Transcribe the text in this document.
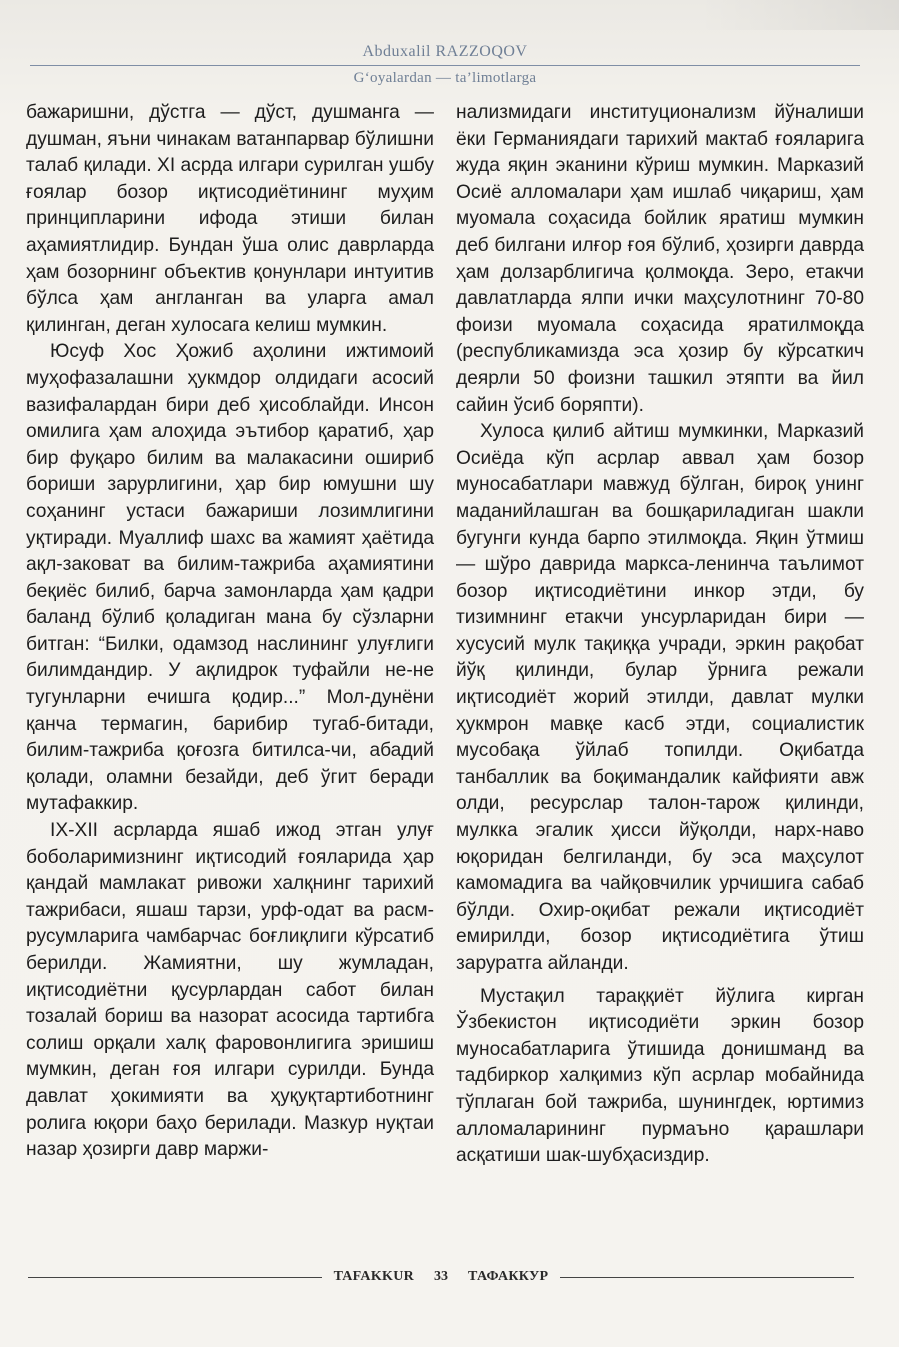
Abduxalil RAZZOQOV
G‘oyalardan — ta’limotlarga

бажаришни, дўстга — дўст, душманга — душман, яъни чинакам ватанпарвар бўлишни талаб қилади. XI асрда илгари сурилган ушбу ғоялар бозор иқтисодиётининг муҳим принципларини ифода этиши билан аҳамиятлидир. Бундан ўша олис даврларда ҳам бозорнинг объектив қонунлари интуитив бўлса ҳам англанган ва уларга амал қилинган, деган хулосага келиш мумкин.

Юсуф Хос Ҳожиб аҳолини ижтимоий муҳофазалашни ҳукмдор олдидаги асосий вазифалардан бири деб ҳисоблайди. Инсон омилига ҳам алоҳида эътибор қаратиб, ҳар бир фуқаро билим ва малакасини ошириб бориши зарурлигини, ҳар бир юмушни шу соҳанинг устаси бажариши лозимлигини уқтиради. Муаллиф шахс ва жамият ҳаётида ақл-заковат ва билим-тажриба аҳамиятини беқиёс билиб, барча замонларда ҳам қадри баланд бўлиб қоладиган мана бу сўзларни битган: “Билки, одамзод наслининг улуғлиги билимдандир. У ақлидрок туфайли не-не тугунларни ечишга қодир...” Мол-дунёни қанча термагин, барибир тугаб-битади, билим-тажриба қоғозга битилса-чи, абадий қолади, оламни безайди, деб ўгит беради мутафаккир.

IX-XII асрларда яшаб ижод этган улуғ боболаримизнинг иқтисодий ғояларида ҳар қандай мамлакат ривожи халқнинг тарихий тажрибаси, яшаш тарзи, урф-одат ва расм-русумларига чамбарчас боғлиқлиги кўрсатиб берилди. Жамиятни, шу жумладан, иқтисодиётни қусурлардан сабот билан тозалай бориш ва назорат асосида тартибга солиш орқали халқ фаровонлигига эришиш мумкин, деган ғоя илгари сурилди. Бунда давлат ҳокимияти ва ҳуқуқтартиботнинг ролига юқори баҳо берилади. Мазкур нуқтаи назар ҳозирги давр маржи-

нализмидаги институционализм йўналиши ёки Германиядаги тарихий мактаб ғояларига жуда яқин эканини кўриш мумкин. Марказий Осиё алломалари ҳам ишлаб чиқариш, ҳам муомала соҳасида бойлик яратиш мумкин деб билгани илғор ғоя бўлиб, ҳозирги даврда ҳам долзарблигича қолмоқда. Зеро, етакчи давлатларда ялпи ички маҳсулотнинг 70-80 фоизи муомала соҳасида яратилмоқда (республикамизда эса ҳозир бу кўрсаткич деярли 50 фоизни ташкил этяпти ва йил сайин ўсиб боряпти).

Хулоса қилиб айтиш мумкинки, Марказий Осиёда кўп асрлар аввал ҳам бозор муносабатлари мавжуд бўлган, бироқ унинг маданийлашган ва бошқариладиган шакли бугунги кунда барпо этилмоқда. Яқин ўтмиш — шўро даврида маркса-ленинча таълимот бозор иқтисодиётини инкор этди, бу тизимнинг етакчи унсурларидан бири — хусусий мулк тақиққа учради, эркин рақобат йўқ қилинди, булар ўрнига режали иқтисодиёт жорий этилди, давлат мулки ҳукмрон мавқе касб этди, социалистик мусобақа ўйлаб топилди. Оқибатда танбаллик ва боқимандалик кайфияти авж олди, ресурслар талон-тарож қилинди, мулкка эгалик ҳисси йўқолди, нарх-наво юқоридан белгиланди, бу эса маҳсулот камомадига ва чайқовчилик урчишига сабаб бўлди. Охир-оқибат режали иқтисодиёт емирилди, бозор иқтисодиётига ўтиш заруратга айланди.

Мустақил тараққиёт йўлига кирган Ўзбекистон иқтисодиёти эркин бозор муносабатларига ўтишида донишманд ва тадбиркор халқимиз кўп асрлар мобайнида тўплаган бой тажриба, шунингдек, юртимиз алломаларининг пурмаъно қарашлари асқатиши шак-шубҳасиздир.

TAFAKKUR	33	ТАФАККУР
